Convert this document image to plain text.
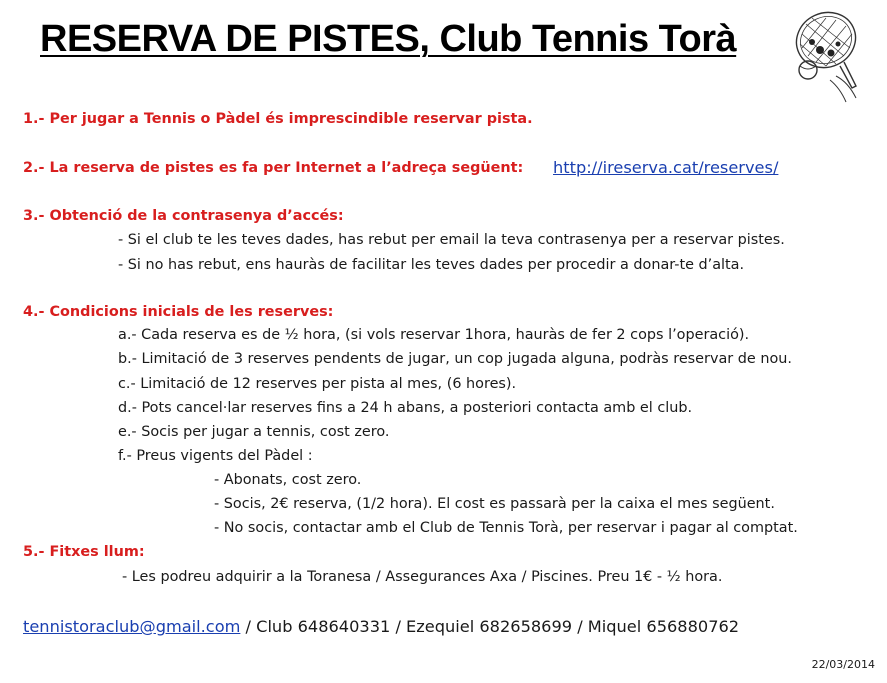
RESERVA DE PISTES, Club Tennis Torà
1.- Per jugar a Tennis o Pàdel és imprescindible reservar pista.
2.- La reserva de pistes es fa per Internet a l’adreça següent: http://ireserva.cat/reserves/
3.- Obtenció de la contrasenya d’accés:
- Si el club te les teves dades, has rebut per email la teva contrasenya per a reservar pistes.
- Si no has rebut, ens hauràs de facilitar les teves dades per procedir a donar-te d’alta.
4.- Condicions inicials de les reserves:
a.- Cada reserva es de ½ hora, (si vols reservar 1hora, hauràs de fer 2 cops l’operació).
b.- Limitació de 3 reserves pendents de jugar, un cop jugada alguna, podràs reservar de nou.
c.- Limitació de 12 reserves per pista al mes, (6 hores).
d.- Pots cancel·lar reserves fins a 24 h abans, a posteriori contacta amb el club.
e.- Socis per jugar a tennis, cost zero.
f.- Preus vigents del Pàdel :
- Abonats, cost zero.
- Socis, 2€ reserva, (1/2 hora). El cost es passarà per la caixa el mes següent.
- No socis, contactar amb el Club de Tennis Torà, per reservar i pagar al comptat.
5.- Fitxes llum:
- Les podreu adquirir a la Toranesa / Assegurances Axa / Piscines. Preu 1€ - ½ hora.
tennistoraclub@gmail.com / Club 648640331 / Ezequiel 682658699 / Miquel 656880762
22/03/2014
